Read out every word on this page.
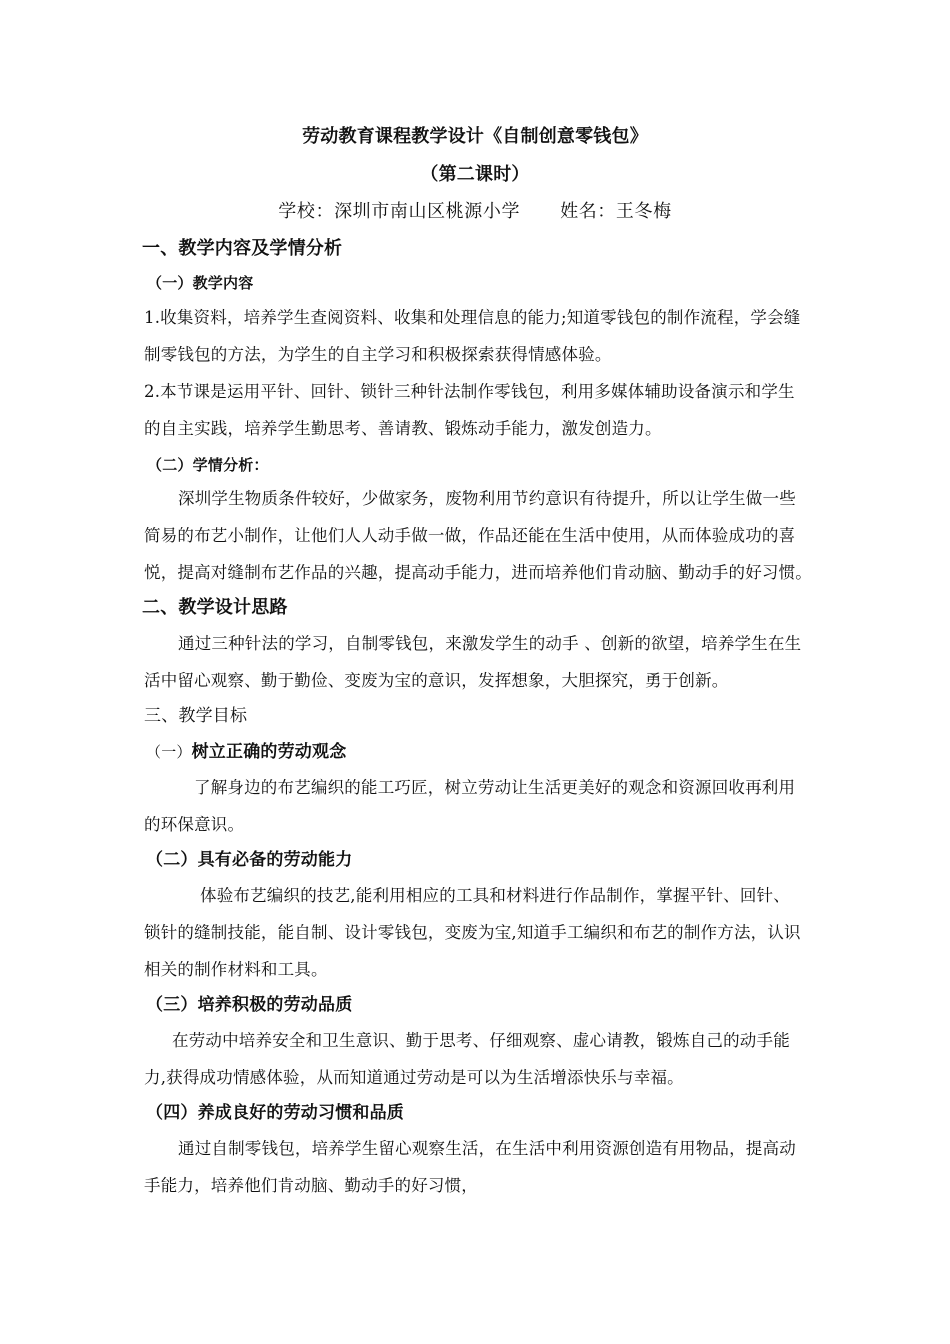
劳动教育课程教学设计《自制创意零钱包》
（第二课时）
学校：深圳市南山区桃源小学 姓名：王冬梅
一、教学内容及学情分析
（一）教学内容
1.收集资料，培养学生查阅资料、收集和处理信息的能力;知道零钱包的制作流程，学会缝
制零钱包的方法，为学生的自主学习和积极探索获得情感体验。
2.本节课是运用平针、回针、锁针三种针法制作零钱包，利用多媒体辅助设备演示和学生
的自主实践，培养学生勤思考、善请教、锻炼动手能力，激发创造力。
（二）学情分析：
深圳学生物质条件较好，少做家务，废物利用节约意识有待提升，所以让学生做一些
简易的布艺小制作，让他们人人动手做一做，作品还能在生活中使用，从而体验成功的喜
悦，提高对缝制布艺作品的兴趣，提高动手能力，进而培养他们肯动脑、勤动手的好习惯。
二、教学设计思路
通过三种针法的学习，自制零钱包，来激发学生的动手 、创新的欲望，培养学生在生
活中留心观察、勤于勤俭、变废为宝的意识，发挥想象，大胆探究，勇于创新。
三、教学目标
（一）树立正确的劳动观念
了解身边的布艺编织的能工巧匠，树立劳动让生活更美好的观念和资源回收再利用
的环保意识。
（二）具有必备的劳动能力
体验布艺编织的技艺,能利用相应的工具和材料进行作品制作，掌握平针、回针、
锁针的缝制技能，能自制、设计零钱包，变废为宝,知道手工编织和布艺的制作方法，认识
相关的制作材料和工具。
（三）培养积极的劳动品质
在劳动中培养安全和卫生意识、勤于思考、仔细观察、虚心请教，锻炼自己的动手能
力,获得成功情感体验，从而知道通过劳动是可以为生活增添快乐与幸福。
（四）养成良好的劳动习惯和品质
通过自制零钱包，培养学生留心观察生活，在生活中利用资源创造有用物品，提高动
手能力，培养他们肯动脑、勤动手的好习惯，
